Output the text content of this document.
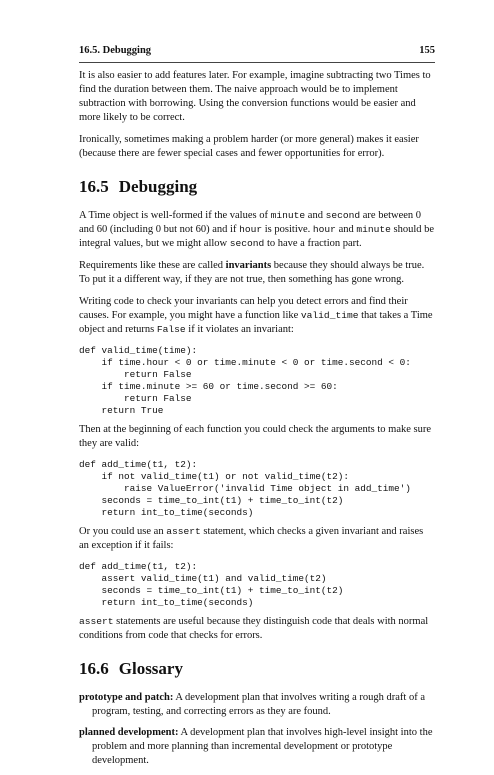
16.5. Debugging	155

It is also easier to add features later. For example, imagine subtracting two Times to find the duration between them. The naive approach would be to implement subtraction with borrowing. Using the conversion functions would be easier and more likely to be correct.

Ironically, sometimes making a problem harder (or more general) makes it easier (because there are fewer special cases and fewer opportunities for error).

16.5 Debugging

A Time object is well-formed if the values of minute and second are between 0 and 60 (including 0 but not 60) and if hour is positive. hour and minute should be integral values, but we might allow second to have a fraction part.

Requirements like these are called invariants because they should always be true. To put it a different way, if they are not true, then something has gone wrong.

Writing code to check your invariants can help you detect errors and find their causes. For example, you might have a function like valid_time that takes a Time object and returns False if it violates an invariant:

def valid_time(time):
if time.hour < 0 or time.minute < 0 or time.second < 0:
return False
if time.minute >= 60 or time.second >= 60:
return False
return True

Then at the beginning of each function you could check the arguments to make sure they are valid:

def add_time(t1, t2):
if not valid_time(t1) or not valid_time(t2):
raise ValueError('invalid Time object in add_time')
seconds = time_to_int(t1) + time_to_int(t2)
return int_to_time(seconds)

Or you could use an assert statement, which checks a given invariant and raises an exception if it fails:

def add_time(t1, t2):
assert valid_time(t1) and valid_time(t2)
seconds = time_to_int(t1) + time_to_int(t2)
return int_to_time(seconds)

assert statements are useful because they distinguish code that deals with normal conditions from code that checks for errors.

16.6 Glossary

prototype and patch: A development plan that involves writing a rough draft of a program, testing, and correcting errors as they are found.

planned development: A development plan that involves high-level insight into the problem and more planning than incremental development or prototype development.
